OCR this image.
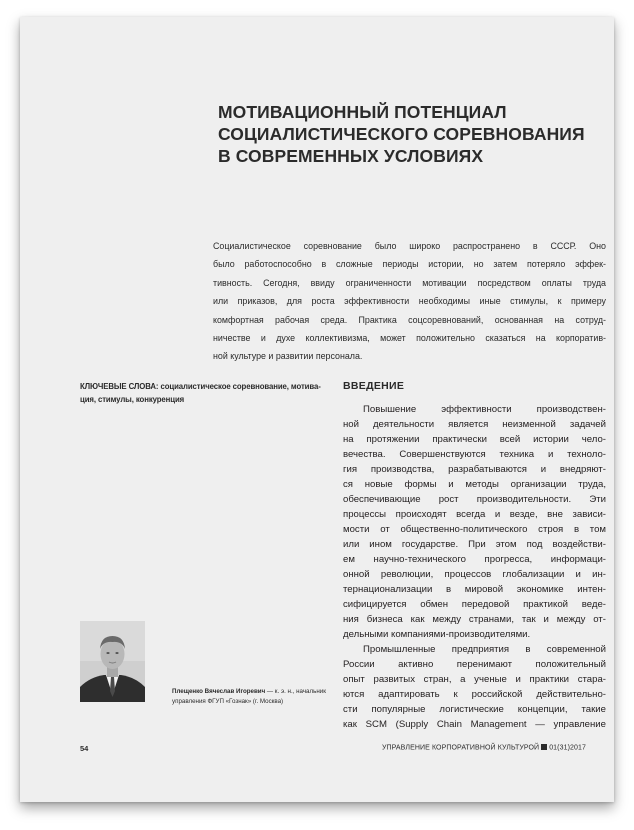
МОТИВАЦИОННЫЙ ПОТЕНЦИАЛ
СОЦИАЛИСТИЧЕСКОГО СОРЕВНОВАНИЯ
В СОВРЕМЕННЫХ УСЛОВИЯХ
Социалистическое соревнование было широко распространено в СССР. Оно
было работоспособно в сложные периоды истории, но затем потеряло эффек-
тивность. Сегодня, ввиду ограниченности мотивации посредством оплаты труда
или приказов, для роста эффективности необходимы иные стимулы, к примеру
комфортная рабочая среда. Практика соцсоревнований, основанная на сотруд-
ничестве и духе коллективизма, может положительно сказаться на корпоратив-
ной культуре и развитии персонала.
КЛЮЧЕВЫЕ СЛОВА: социалистическое соревнование, мотива-
ция, стимулы, конкуренция
Плещенко Вячеслав Игоревич — к. э. н., начальник
управления ФГУП «Гознак» (г. Москва)
ВВЕДЕНИЕ
Повышение эффективности производствен-
ной деятельности является неизменной задачей
на протяжении практически всей истории чело-
вечества. Совершенствуются техника и техноло-
гия производства, разрабатываются и внедряют-
ся новые формы и методы организации труда,
обеспечивающие рост производительности. Эти
процессы происходят всегда и везде, вне зависи-
мости от общественно-политического строя в том
или ином государстве. При этом под воздействи-
ем научно-технического прогресса, информаци-
онной революции, процессов глобализации и ин-
тернационализации в мировой экономике интен-
сифицируется обмен передовой практикой веде-
ния бизнеса как между странами, так и между от-
дельными компаниями-производителями.
Промышленные предприятия в современной
России активно перенимают положительный
опыт развитых стран, а ученые и практики стара-
ются адаптировать к российской действительно-
сти популярные логистические концепции, такие
как SCM (Supply Chain Management — управление
54	УПРАВЛЕНИЕ КОРПОРАТИВНОЙ КУЛЬТУРОЙ 01(31)2017
